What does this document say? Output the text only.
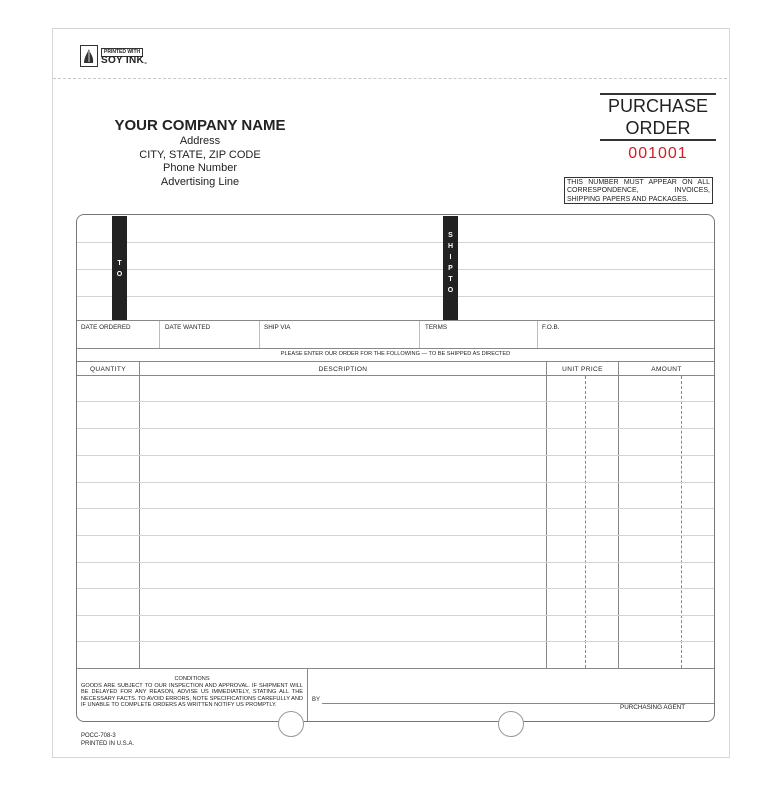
PRINTED WITH
SOY INK
™
YOUR COMPANY NAME
Address
CITY, STATE, ZIP CODE
Phone Number
Advertising Line
PURCHASE
ORDER
001001
THIS NUMBER MUST APPEAR ON ALL CORRESPONDENCE, INVOICES, SHIPPING PAPERS AND PACKAGES.
T
O
S
H
I
P
T
O
DATE ORDERED	DATE WANTED	SHIP VIA	TERMS	F.O.B.
PLEASE ENTER OUR ORDER FOR THE FOLLOWING — TO BE SHIPPED AS DIRECTED
QUANTITY	DESCRIPTION	UNIT PRICE	AMOUNT
CONDITIONS
GOODS ARE SUBJECT TO OUR INSPECTION AND APPROVAL. IF SHIPMENT WILL BE DELAYED FOR ANY REASON, ADVISE US IMMEDIATELY, STATING ALL THE NECESSARY FACTS. TO AVOID ERRORS, NOTE SPECIFICATIONS CAREFULLY AND IF UNABLE TO COMPLETE ORDERS AS WRITTEN NOTIFY US PROMPTLY.
BY
PURCHASING AGENT
POCC-708-3
PRINTED IN U.S.A.
